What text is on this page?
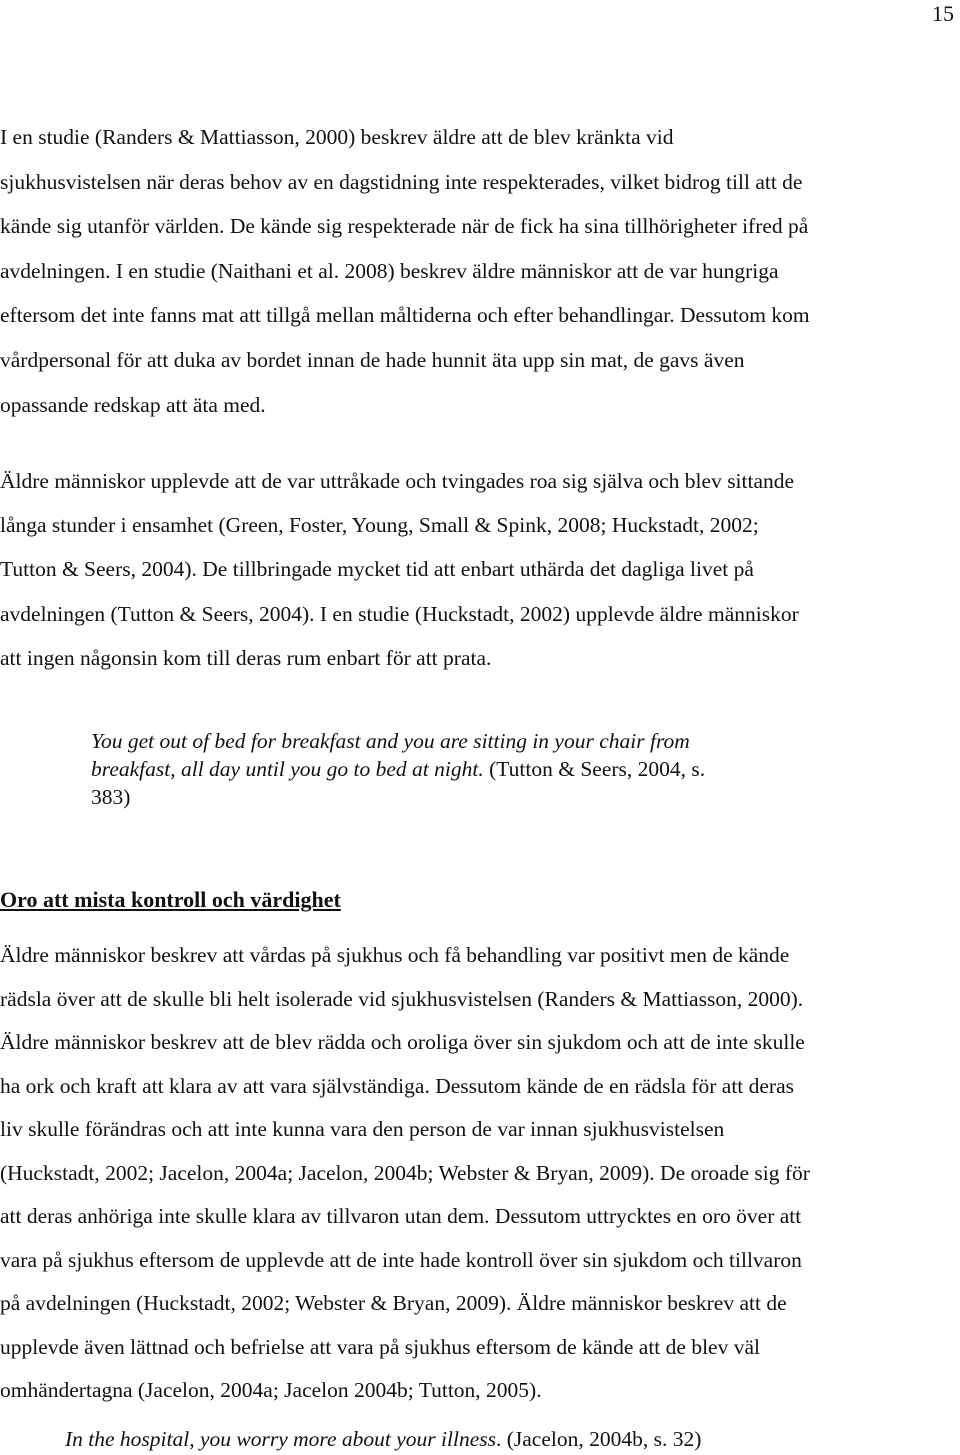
15

I en studie (Randers & Mattiasson, 2000) beskrev äldre att de blev kränkta vid
sjukhusvistelsen när deras behov av en dagstidning inte respekterades, vilket bidrog till att de
kände sig utanför världen. De kände sig respekterade när de fick ha sina tillhörigheter ifred på
avdelningen. I en studie (Naithani et al. 2008) beskrev äldre människor att de var hungriga
eftersom det inte fanns mat att tillgå mellan måltiderna och efter behandlingar. Dessutom kom
vårdpersonal för att duka av bordet innan de hade hunnit äta upp sin mat, de gavs även
opassande redskap att äta med.

Äldre människor upplevde att de var uttråkade och tvingades roa sig själva och blev sittande
långa stunder i ensamhet (Green, Foster, Young, Small & Spink, 2008; Huckstadt, 2002;
Tutton & Seers, 2004). De tillbringade mycket tid att enbart uthärda det dagliga livet på
avdelningen (Tutton & Seers, 2004). I en studie (Huckstadt, 2002) upplevde äldre människor
att ingen någonsin kom till deras rum enbart för att prata.

You get out of bed for breakfast and you are sitting in your chair from
breakfast, all day until you go to bed at night. (Tutton & Seers, 2004, s.
383)

Oro att mista kontroll och värdighet

Äldre människor beskrev att vårdas på sjukhus och få behandling var positivt men de kände
rädsla över att de skulle bli helt isolerade vid sjukhusvistelsen (Randers & Mattiasson, 2000).
Äldre människor beskrev att de blev rädda och oroliga över sin sjukdom och att de inte skulle
ha ork och kraft att klara av att vara självständiga. Dessutom kände de en rädsla för att deras
liv skulle förändras och att inte kunna vara den person de var innan sjukhusvistelsen
(Huckstadt, 2002; Jacelon, 2004a; Jacelon, 2004b; Webster & Bryan, 2009). De oroade sig för
att deras anhöriga inte skulle klara av tillvaron utan dem. Dessutom uttrycktes en oro över att
vara på sjukhus eftersom de upplevde att de inte hade kontroll över sin sjukdom och tillvaron
på avdelningen (Huckstadt, 2002; Webster & Bryan, 2009). Äldre människor beskrev att de
upplevde även lättnad och befrielse att vara på sjukhus eftersom de kände att de blev väl
omhändertagna (Jacelon, 2004a; Jacelon 2004b; Tutton, 2005).

In the hospital, you worry more about your illness. (Jacelon, 2004b, s. 32)
